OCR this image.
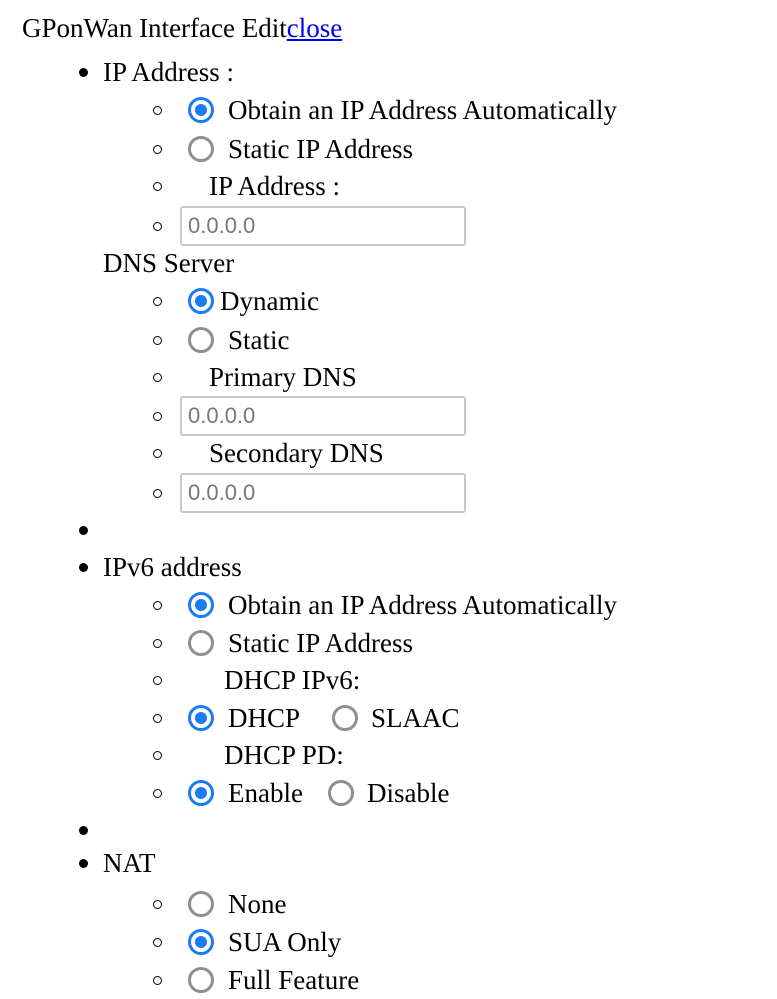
GPonWan Interface Editclose
IP Address :
Obtain an IP Address Automatically
Static IP Address
IP Address :
0.0.0.0
DNS Server
Dynamic
Static
Primary DNS
0.0.0.0
Secondary DNS
0.0.0.0
IPv6 address
Obtain an IP Address Automatically
Static IP Address
DHCP IPv6:
DHCP	SLAAC
DHCP PD:
Enable Disable
NAT
None
SUA Only
Full Feature
